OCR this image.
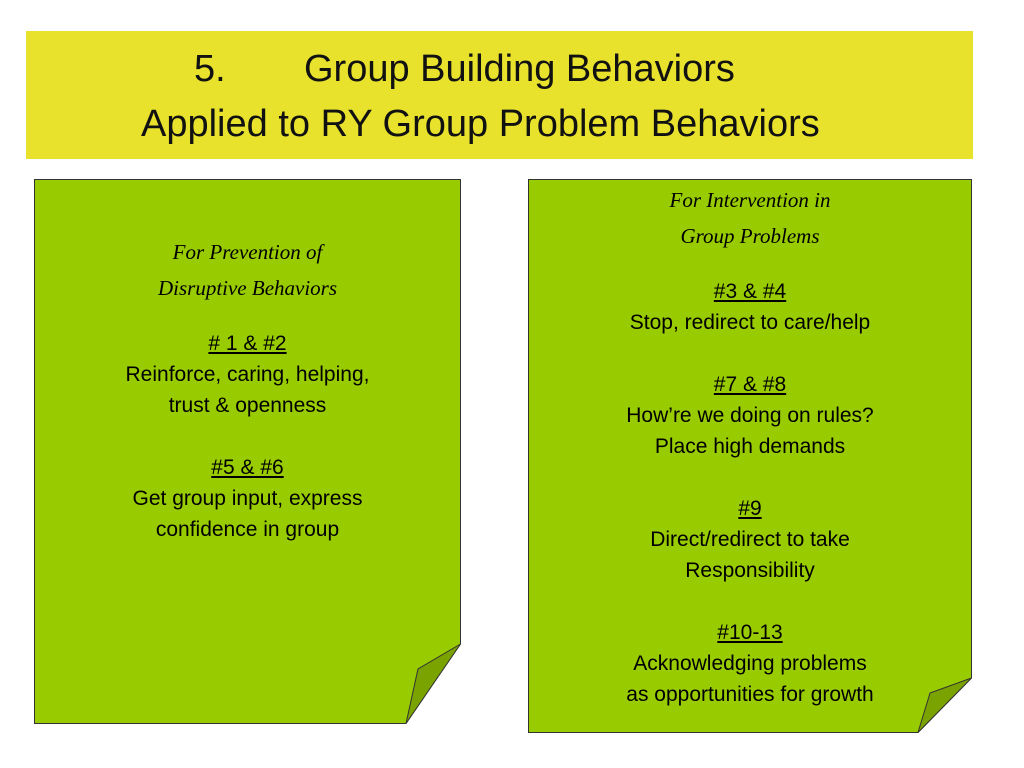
5. Group Building Behaviors
Applied to RY Group Problem Behaviors
For Prevention of
Disruptive Behaviors
# 1 & #2
Reinforce, caring, helping,
trust & openness
#5 & #6
Get group input, express
confidence in group
For Intervention in
Group Problems
#3 & #4
Stop, redirect to care/help
#7 & #8
How’re we doing on rules?
Place high demands
#9
Direct/redirect to take
Responsibility
#10-13
Acknowledging problems
as opportunities for growth
